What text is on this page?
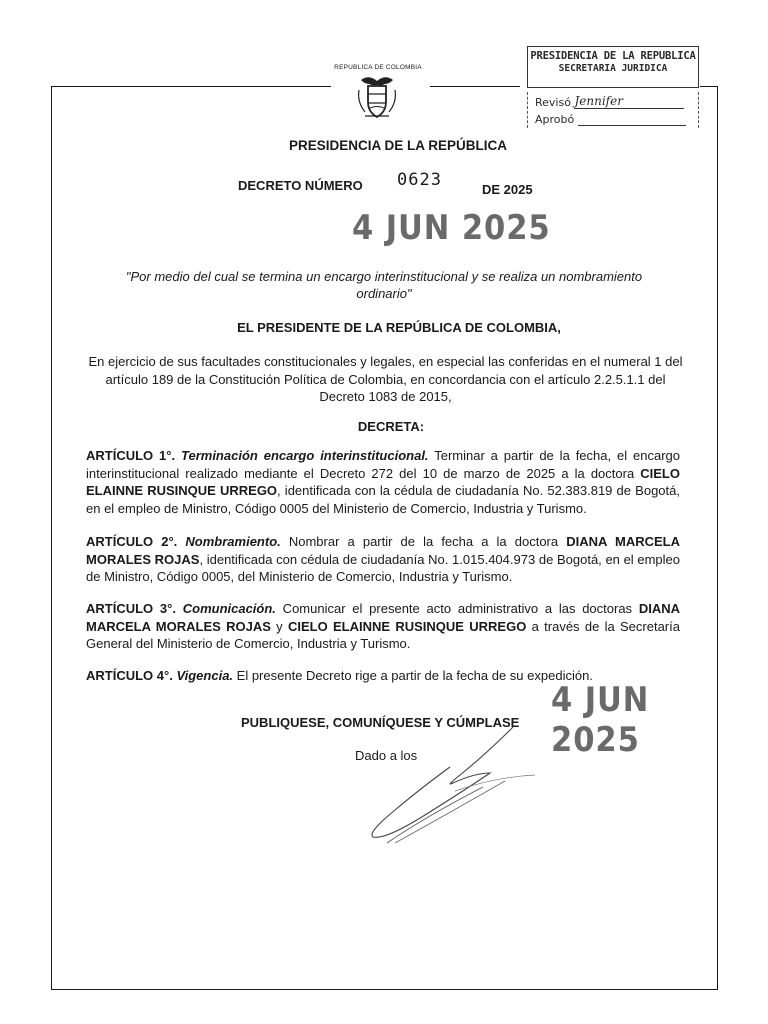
REPUBLICA DE COLOMBIA
PRESIDENCIA DE LA REPUBLICA
SECRETARIA JURIDICA
Revisó Jennifer
Aprobó
PRESIDENCIA DE LA REPÚBLICA
DECRETO NÚMERO 0623	DE 2025
4 JUN 2025
"Por medio del cual se termina un encargo interinstitucional y se realiza un nombramiento ordinario"
EL PRESIDENTE DE LA REPÚBLICA DE COLOMBIA,
En ejercicio de sus facultades constitucionales y legales, en especial las conferidas en el numeral 1 del artículo 189 de la Constitución Política de Colombia, en concordancia con el artículo 2.2.5.1.1 del Decreto 1083 de 2015,
DECRETA:
ARTÍCULO 1°. Terminación encargo interinstitucional. Terminar a partir de la fecha, el encargo interinstitucional realizado mediante el Decreto 272 del 10 de marzo de 2025 a la doctora CIELO ELAINNE RUSINQUE URREGO, identificada con la cédula de ciudadanía No. 52.383.819 de Bogotá, en el empleo de Ministro, Código 0005 del Ministerio de Comercio, Industria y Turismo.
ARTÍCULO 2°. Nombramiento. Nombrar a partir de la fecha a la doctora DIANA MARCELA MORALES ROJAS, identificada con cédula de ciudadanía No. 1.015.404.973 de Bogotá, en el empleo de Ministro, Código 0005, del Ministerio de Comercio, Industria y Turismo.
ARTÍCULO 3°. Comunicación. Comunicar el presente acto administrativo a las doctoras DIANA MARCELA MORALES ROJAS y CIELO ELAINNE RUSINQUE URREGO a través de la Secretaría General del Ministerio de Comercio, Industria y Turismo.
ARTÍCULO 4°. Vigencia. El presente Decreto rige a partir de la fecha de su expedición.
4 JUN 2025
PUBLIQUESE, COMUNÍQUESE Y CÚMPLASE
Dado a los
